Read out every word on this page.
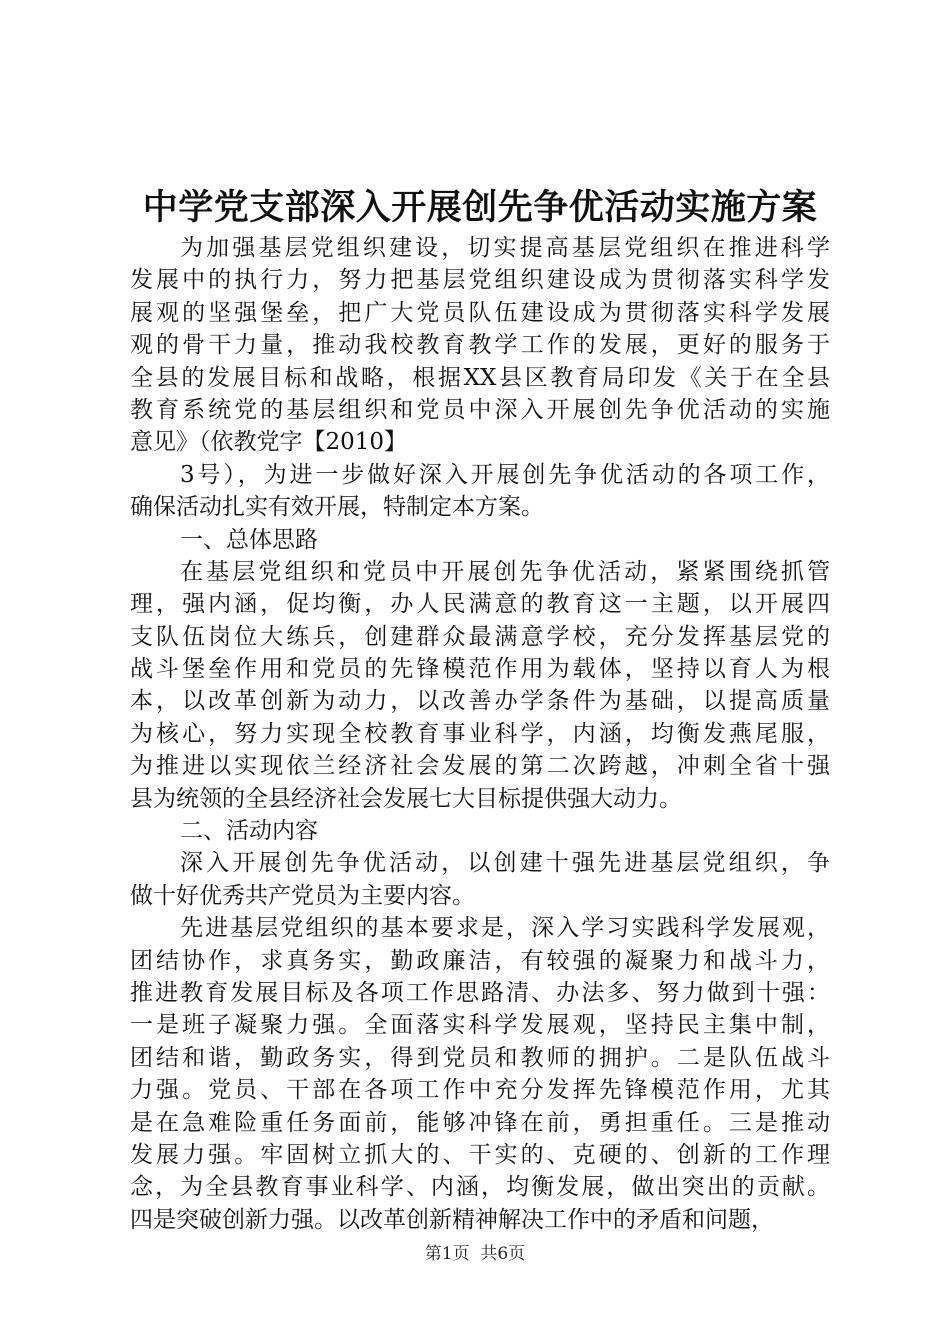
中学党支部深入开展创先争优活动实施方案
为加强基层党组织建设，切实提高基层党组织在推进科学
发展中的执行力，努力把基层党组织建设成为贯彻落实科学发
展观的坚强堡垒，把广大党员队伍建设成为贯彻落实科学发展
观的骨干力量，推动我校教育教学工作的发展，更好的服务于
全县的发展目标和战略，根据XX县区教育局印发《关于在全县
教育系统党的基层组织和党员中深入开展创先争优活动的实施
意见》（依教党字【2010】
3号），为进一步做好深入开展创先争优活动的各项工作，
确保活动扎实有效开展，特制定本方案。
一、总体思路
在基层党组织和党员中开展创先争优活动，紧紧围绕抓管
理，强内涵，促均衡，办人民满意的教育这一主题，以开展四
支队伍岗位大练兵，创建群众最满意学校，充分发挥基层党的
战斗堡垒作用和党员的先锋模范作用为载体，坚持以育人为根
本，以改革创新为动力，以改善办学条件为基础，以提高质量
为核心，努力实现全校教育事业科学，内涵，均衡发燕尾服，
为推进以实现依兰经济社会发展的第二次跨越，冲刺全省十强
县为统领的全县经济社会发展七大目标提供强大动力。
二、活动内容
深入开展创先争优活动，以创建十强先进基层党组织，争
做十好优秀共产党员为主要内容。
先进基层党组织的基本要求是，深入学习实践科学发展观，
团结协作，求真务实，勤政廉洁，有较强的凝聚力和战斗力，
推进教育发展目标及各项工作思路清、办法多、努力做到十强：
一是班子凝聚力强。全面落实科学发展观，坚持民主集中制，
团结和谐，勤政务实，得到党员和教师的拥护。二是队伍战斗
力强。党员、干部在各项工作中充分发挥先锋模范作用，尤其
是在急难险重任务面前，能够冲锋在前，勇担重任。三是推动
发展力强。牢固树立抓大的、干实的、克硬的、创新的工作理
念，为全县教育事业科学、内涵，均衡发展，做出突出的贡献。
四是突破创新力强。以改革创新精神解决工作中的矛盾和问题，
第1页 共6页
